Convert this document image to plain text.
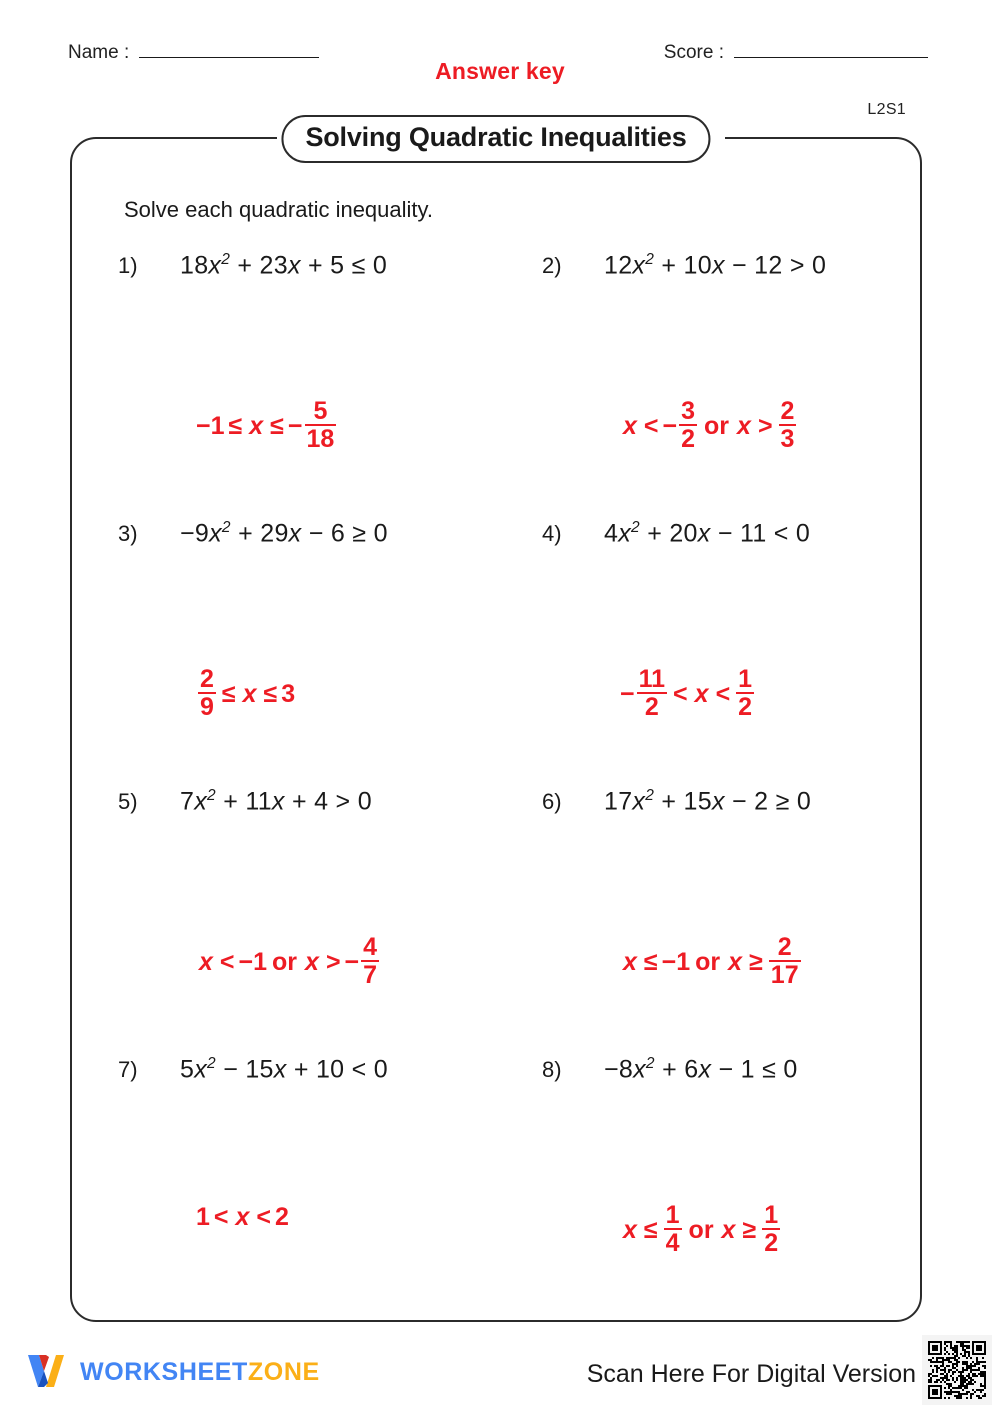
Name :	Score :
Answer key
Solving Quadratic Inequalities
L2S1
Solve each quadratic inequality.
1)	$18x^2 + 23x + 5 \le 0$
−1 ≤ x ≤ − $\frac{5}{18}$
2)	$12x^2 + 10x - 12 > 0$
x < − $\frac{3}{2}$ or $x > \frac{2}{3}$
3)	$-9x^2 + 29x - 6 \ge 0$
$\frac{2}{9} \le x \le 3$
4)	$4x^2 + 20x - 11 < 0$
− $\frac{11}{2} < x < \frac{1}{2}$
5)	$7x^2 + 11x + 4 > 0$
x < −1 or x > − $\frac{4}{7}$
6)	$17x^2 + 15x - 2 \ge 0$
x ≤ −1 or $x \ge \frac{2}{17}$
7)	$5x^2 - 15x + 10 < 0$
1 < x < 2
8)	$-8x^2 + 6x - 1 \le 0$
$x \le \frac{1}{4}$ or $x \ge \frac{1}{2}$
WORKSHEETZONE	Scan Here For Digital Version
